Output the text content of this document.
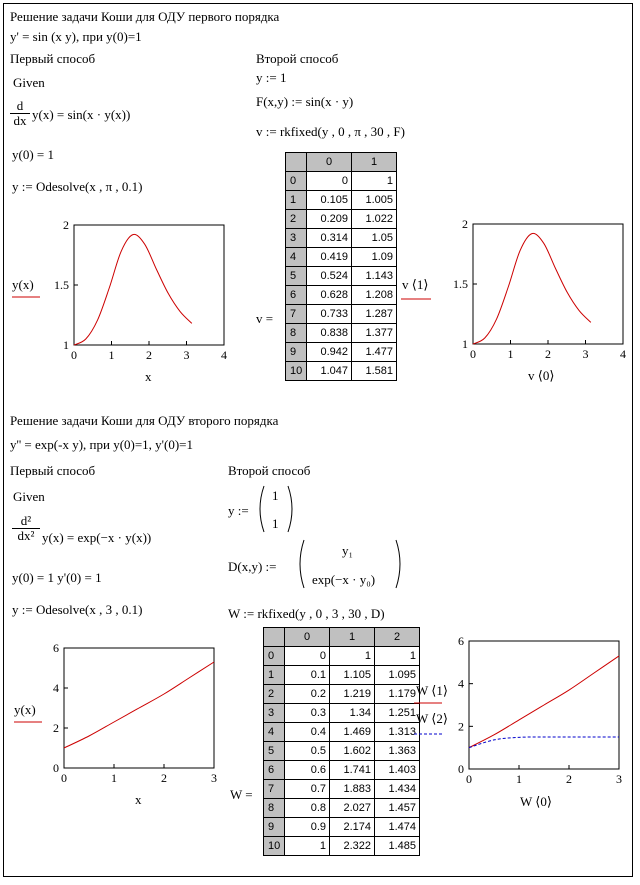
Решение задачи Коши для ОДУ первого порядка
y' = sin (x y), при y(0)=1
Первый способ
Given
$\frac{d}{dx} y(x) = \sin(x \cdot y(x))$
y(0) = 1
y := Odesolve(x , π , 0.1)
y(x)
0	1	2	3	4
1
1.5
2
x
Второй способ
y := 1
F(x,y) := sin(x · y)
v := rkfixed(y , 0 , π , 30 , F)
v =
	0	1
0	0	1
1	0.105	1.005
2	0.209	1.022
3	0.314	1.05
4	0.419	1.09
5	0.524	1.143
6	0.628	1.208
7	0.733	1.287
8	0.838	1.377
9	0.942	1.477
10	1.047	1.581
v ⟨1⟩
0	1	2	3	4
1
1.5
2
v ⟨0⟩
Решение задачи Коши для ОДУ второго порядка
y'' = exp(-x y), при y(0)=1, y'(0)=1
Первый способ
Given
$\frac{\text{d²}}{\text{dx²}} y(x) = \exp(-x \cdot y(x))$
y(0) = 1 y'(0) = 1
y := Odesolve(x , 3 , 0.1)
y(x)
0	1	2	3
0
2
4
6
x
Второй способ
y :=
1
1
D(x,y) :=
y₁
exp(−x · y₀)
W := rkfixed(y , 0 , 3 , 30 , D)
W =
	0	1	2
0	0	1	1
1	0.1	1.105	1.095
2	0.2	1.219	1.179
3	0.3	1.34	1.251
4	0.4	1.469	1.313
5	0.5	1.602	1.363
6	0.6	1.741	1.403
7	0.7	1.883	1.434
8	0.8	2.027	1.457
9	0.9	2.174	1.474
10	1	2.322	1.485
W ⟨1⟩
W ⟨2⟩
0	1	2	3
0
2
4
6
W ⟨0⟩
